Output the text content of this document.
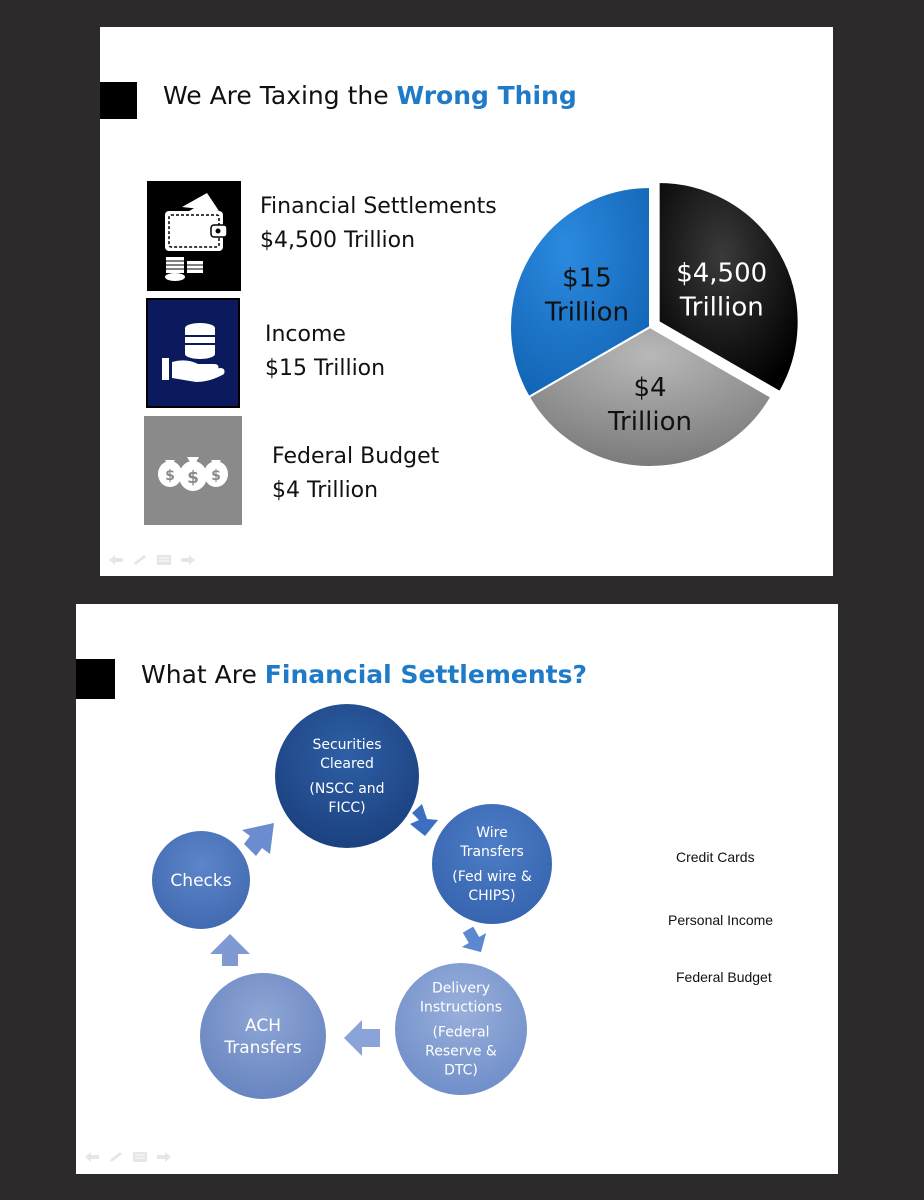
We Are Taxing the Wrong Thing
Financial Settlements
$4,500 Trillion
Income
$15 Trillion
$ $ $
Federal Budget
$4 Trillion
$4,500
Trillion
$4
Trillion
$15
Trillion
What Are Financial Settlements?
Securities
Cleared
(NSCC and
FICC)
Wire
Transfers
(Fed wire &
CHIPS)
Delivery
Instructions
(Federal
Reserve &
DTC)
ACH
Transfers
Checks
Credit Cards
Personal Income
Federal Budget
